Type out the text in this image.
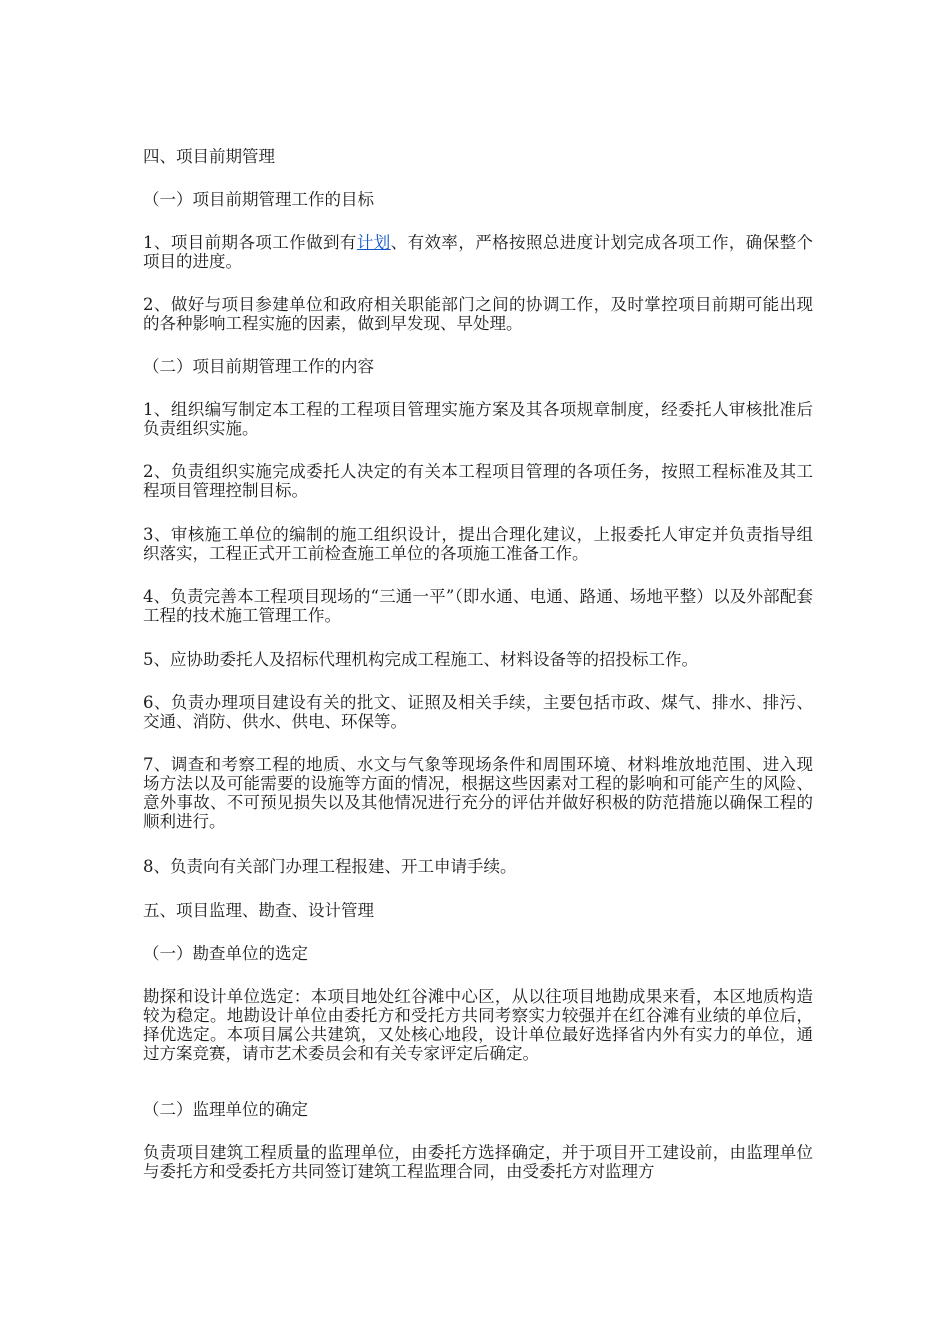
四、项目前期管理

（一）项目前期管理工作的目标

1、项目前期各项工作做到有计划、有效率，严格按照总进度计划完成各项工作，确保整个项目的进度。

2、做好与项目参建单位和政府相关职能部门之间的协调工作，及时掌控项目前期可能出现的各种影响工程实施的因素，做到早发现、早处理。

（二）项目前期管理工作的内容

1、组织编写制定本工程的工程项目管理实施方案及其各项规章制度，经委托人审核批准后负责组织实施。

2、负责组织实施完成委托人决定的有关本工程项目管理的各项任务，按照工程标准及其工程项目管理控制目标。

3、审核施工单位的编制的施工组织设计，提出合理化建议，上报委托人审定并负责指导组织落实，工程正式开工前检查施工单位的各项施工准备工作。

4、负责完善本工程项目现场的“三通一平”（即水通、电通、路通、场地平整）以及外部配套工程的技术施工管理工作。

5、应协助委托人及招标代理机构完成工程施工、材料设备等的招投标工作。

6、负责办理项目建设有关的批文、证照及相关手续，主要包括市政、煤气、排水、排污、交通、消防、供水、供电、环保等。

7、调查和考察工程的地质、水文与气象等现场条件和周围环境、材料堆放地范围、进入现场方法以及可能需要的设施等方面的情况，根据这些因素对工程的影响和可能产生的风险、意外事故、不可预见损失以及其他情况进行充分的评估并做好积极的防范措施以确保工程的顺利进行。

8、负责向有关部门办理工程报建、开工申请手续。

五、项目监理、勘查、设计管理

（一）勘查单位的选定

勘探和设计单位选定：本项目地处红谷滩中心区，从以往项目地勘成果来看，本区地质构造较为稳定。地勘设计单位由委托方和受托方共同考察实力较强并在红谷滩有业绩的单位后，择优选定。本项目属公共建筑，又处核心地段，设计单位最好选择省内外有实力的单位，通过方案竞赛，请市艺术委员会和有关专家评定后确定。

（二）监理单位的确定

负责项目建筑工程质量的监理单位，由委托方选择确定，并于项目开工建设前，由监理单位与委托方和受委托方共同签订建筑工程监理合同，由受委托方对监理方
